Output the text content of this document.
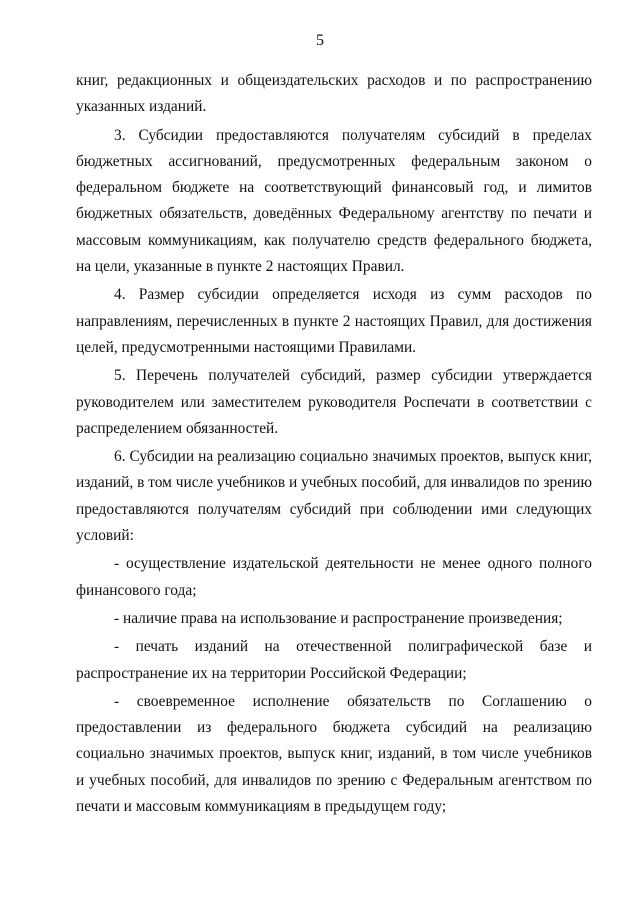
5

книг, редакционных и общеиздательских расходов и по распространению указанных изданий.

3. Субсидии предоставляются получателям субсидий в пределах бюджетных ассигнований, предусмотренных федеральным законом о федеральном бюджете на соответствующий финансовый год, и лимитов бюджетных обязательств, доведённых Федеральному агентству по печати и массовым коммуникациям, как получателю средств федерального бюджета, на цели, указанные в пункте 2 настоящих Правил.

4. Размер субсидии определяется исходя из сумм расходов по направлениям, перечисленных в пункте 2 настоящих Правил, для достижения целей, предусмотренными настоящими Правилами.

5. Перечень получателей субсидий, размер субсидии утверждается руководителем или заместителем руководителя Роспечати в соответствии с распределением обязанностей.

6. Субсидии на реализацию социально значимых проектов, выпуск книг, изданий, в том числе учебников и учебных пособий, для инвалидов по зрению предоставляются получателям субсидий при соблюдении ими следующих условий:

- осуществление издательской деятельности не менее одного полного финансового года;

- наличие права на использование и распространение произведения;

- печать изданий на отечественной полиграфической базе и распространение их на территории Российской Федерации;

- своевременное исполнение обязательств по Соглашению о предоставлении из федерального бюджета субсидий на реализацию социально значимых проектов, выпуск книг, изданий, в том числе учебников и учебных пособий, для инвалидов по зрению с Федеральным агентством по печати и массовым коммуникациям в предыдущем году;
